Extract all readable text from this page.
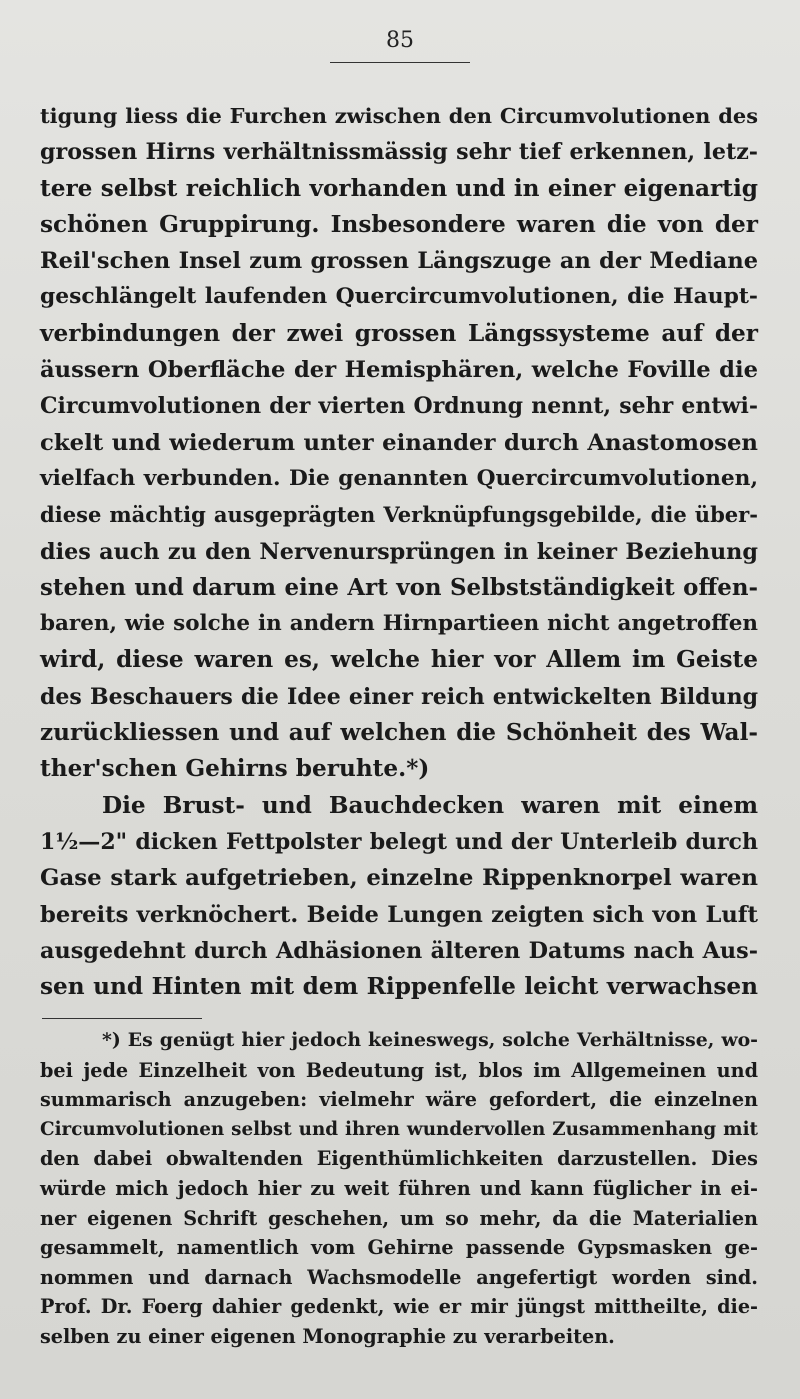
85
tigung liess die Furchen zwischen den Circumvolutionen des
grossen Hirns verhältnissmässig sehr tief erkennen, letz-
tere selbst reichlich vorhanden und in einer eigenartig
schönen Gruppirung. Insbesondere waren die von der
Reil'schen Insel zum grossen Längszuge an der Mediane
geschlängelt laufenden Quercircumvolutionen, die Haupt-
verbindungen der zwei grossen Längssysteme auf der
äussern Oberfläche der Hemisphären, welche Foville die
Circumvolutionen der vierten Ordnung nennt, sehr entwi-
ckelt und wiederum unter einander durch Anastomosen
vielfach verbunden. Die genannten Quercircumvolutionen,
diese mächtig ausgeprägten Verknüpfungsgebilde, die über-
dies auch zu den Nervenursprüngen in keiner Beziehung
stehen und darum eine Art von Selbstständigkeit offen-
baren, wie solche in andern Hirnpartieen nicht angetroffen
wird, diese waren es, welche hier vor Allem im Geiste
des Beschauers die Idee einer reich entwickelten Bildung
zurückliessen und auf welchen die Schönheit des Wal-
ther'schen Gehirns beruhte.*)
Die Brust- und Bauchdecken waren mit einem
1½—2" dicken Fettpolster belegt und der Unterleib durch
Gase stark aufgetrieben, einzelne Rippenknorpel waren
bereits verknöchert. Beide Lungen zeigten sich von Luft
ausgedehnt durch Adhäsionen älteren Datums nach Aus-
sen und Hinten mit dem Rippenfelle leicht verwachsen
*) Es genügt hier jedoch keineswegs, solche Verhältnisse, wo-
bei jede Einzelheit von Bedeutung ist, blos im Allgemeinen und
summarisch anzugeben: vielmehr wäre gefordert, die einzelnen
Circumvolutionen selbst und ihren wundervollen Zusammenhang mit
den dabei obwaltenden Eigenthümlichkeiten darzustellen. Dies
würde mich jedoch hier zu weit führen und kann füglicher in ei-
ner eigenen Schrift geschehen, um so mehr, da die Materialien
gesammelt, namentlich vom Gehirne passende Gypsmasken ge-
nommen und darnach Wachsmodelle angefertigt worden sind.
Prof. Dr. Foerg dahier gedenkt, wie er mir jüngst mittheilte, die-
selben zu einer eigenen Monographie zu verarbeiten.
